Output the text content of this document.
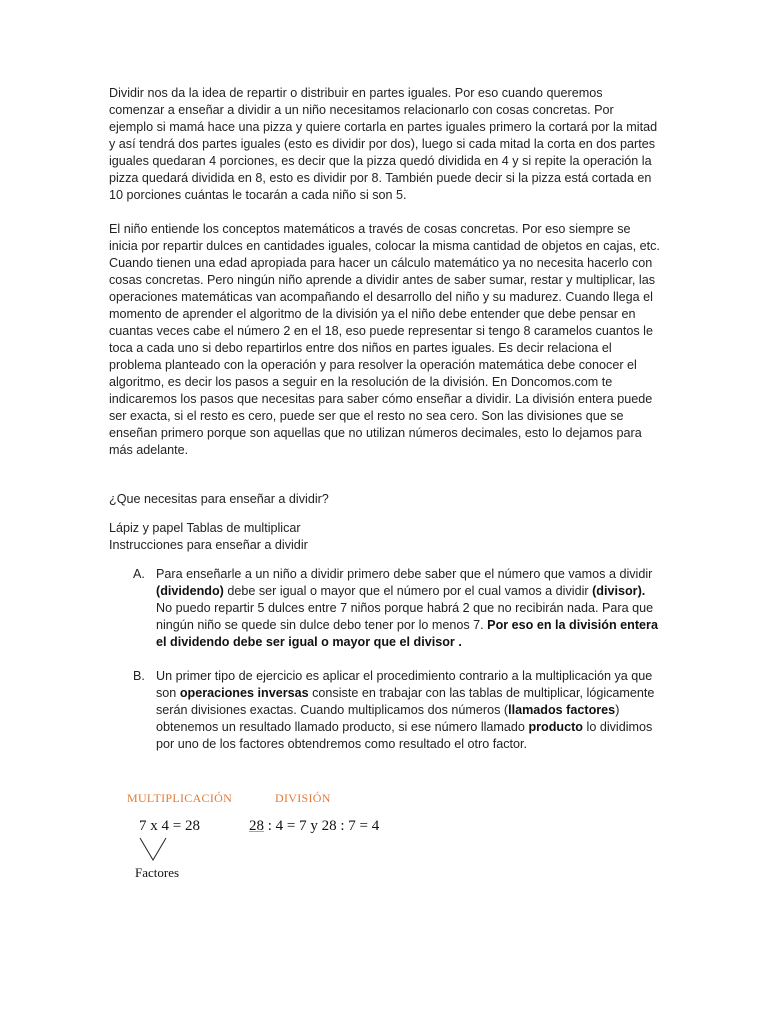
Dividir nos da la idea de repartir o distribuir en partes iguales. Por eso cuando queremos comenzar a enseñar a dividir a un niño necesitamos relacionarlo con cosas concretas. Por ejemplo si mamá hace una pizza y quiere cortarla en partes iguales primero la cortará por la mitad y así tendrá dos partes iguales (esto es dividir por dos), luego si cada mitad la corta en dos partes iguales quedaran 4 porciones, es decir que la pizza quedó dividida en 4 y si repite la operación la pizza quedará dividida en 8, esto es dividir por 8. También puede decir si la pizza está cortada en 10 porciones cuántas le tocarán a cada niño si son 5.

El niño entiende los conceptos matemáticos a través de cosas concretas. Por eso siempre se inicia por repartir dulces en cantidades iguales, colocar la misma cantidad de objetos en cajas, etc. Cuando tienen una edad apropiada para hacer un cálculo matemático ya no necesita hacerlo con cosas concretas. Pero ningún niño aprende a dividir antes de saber sumar, restar y multiplicar, las operaciones matemáticas van acompañando el desarrollo del niño y su madurez. Cuando llega el momento de aprender el algoritmo de la división ya el niño debe entender que debe pensar en cuantas veces cabe el número 2 en el 18, eso puede representar si tengo 8 caramelos cuantos le toca a cada uno si debo repartirlos entre dos niños en partes iguales. Es decir relaciona el problema planteado con la operación y para resolver la operación matemática debe conocer el algoritmo, es decir los pasos a seguir en la resolución de la división. En Doncomos.com te indicaremos los pasos que necesitas para saber cómo enseñar a dividir. La división entera puede ser exacta, si el resto es cero, puede ser que el resto no sea cero. Son las divisiones que se enseñan primero porque son aquellas que no utilizan números decimales, esto lo dejamos para más adelante.

¿Que necesitas para enseñar a dividir?

Lápiz y papel Tablas de multiplicar

Instrucciones para enseñar a dividir

A. Para enseñarle a un niño a dividir primero debe saber que el número que vamos a dividir (dividendo) debe ser igual o mayor que el número por el cual vamos a dividir (divisor). No puedo repartir 5 dulces entre 7 niños porque habrá 2 que no recibirán nada. Para que ningún niño se quede sin dulce debo tener por lo menos 7. Por eso en la división entera el dividendo debe ser igual o mayor que el divisor .
B. Un primer tipo de ejercicio es aplicar el procedimiento contrario a la multiplicación ya que son operaciones inversas consiste en trabajar con las tablas de multiplicar, lógicamente serán divisiones exactas. Cuando multiplicamos dos números (llamados factores) obtenemos un resultado llamado producto, si ese número llamado producto lo dividimos por uno de los factores obtendremos como resultado el otro factor.
MULTIPLICACIÓN	DIVISIÓN
7 x 4 = 28	28 : 4 = 7 y 28 : 7 = 4
Factores
